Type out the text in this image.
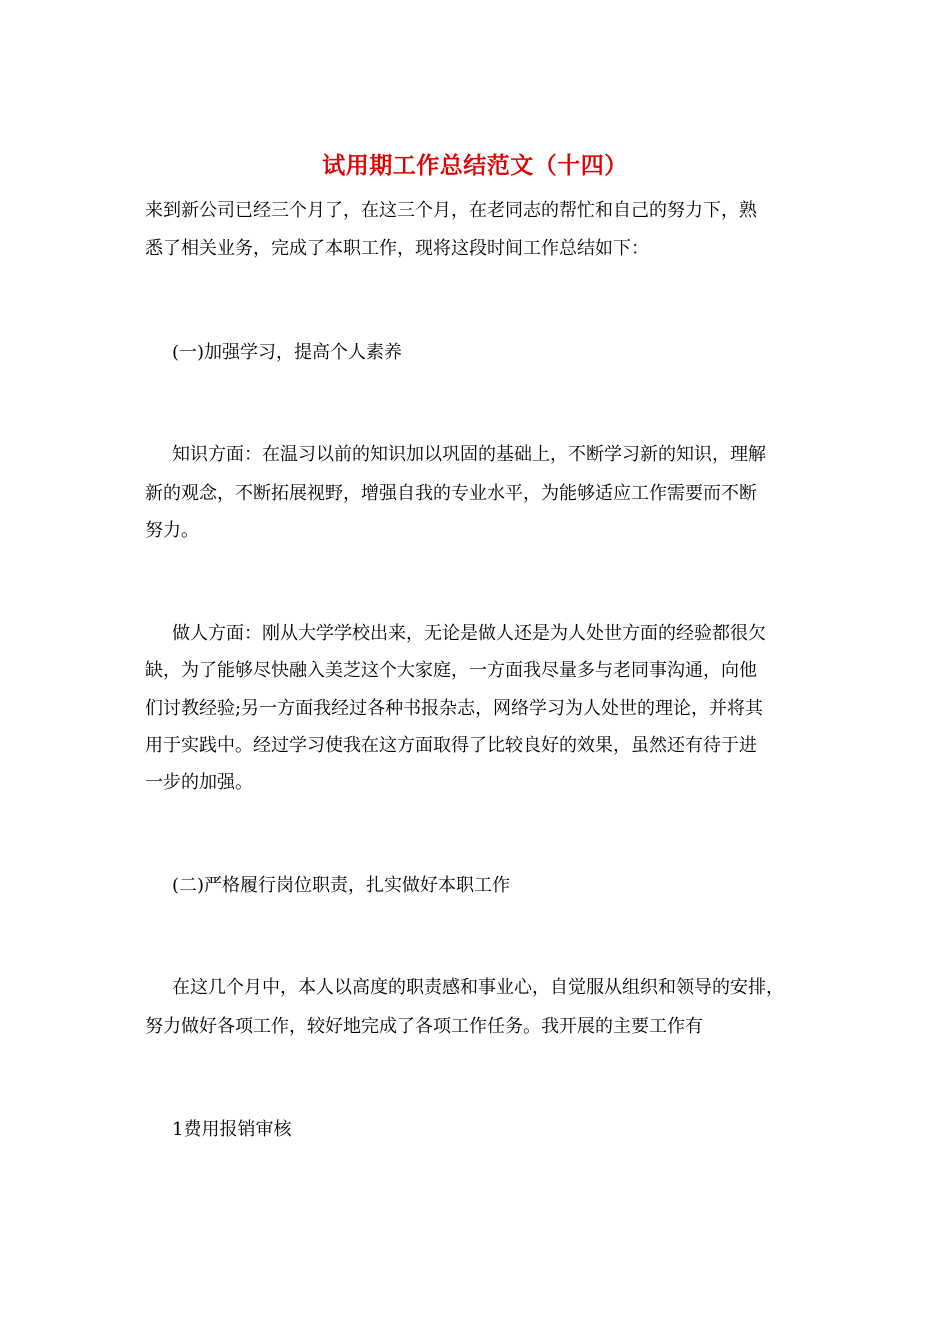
试用期工作总结范文（十四）
来到新公司已经三个月了，在这三个月，在老同志的帮忙和自己的努力下，熟
悉了相关业务，完成了本职工作，现将这段时间工作总结如下：
(一)加强学习，提高个人素养
知识方面：在温习以前的知识加以巩固的基础上，不断学习新的知识，理解
新的观念，不断拓展视野，增强自我的专业水平，为能够适应工作需要而不断
努力。
做人方面：刚从大学学校出来，无论是做人还是为人处世方面的经验都很欠
缺，为了能够尽快融入美芝这个大家庭，一方面我尽量多与老同事沟通，向他
们讨教经验;另一方面我经过各种书报杂志，网络学习为人处世的理论，并将其
用于实践中。经过学习使我在这方面取得了比较良好的效果，虽然还有待于进
一步的加强。
(二)严格履行岗位职责，扎实做好本职工作
在这几个月中，本人以高度的职责感和事业心，自觉服从组织和领导的安排，
努力做好各项工作，较好地完成了各项工作任务。我开展的主要工作有
1费用报销审核
